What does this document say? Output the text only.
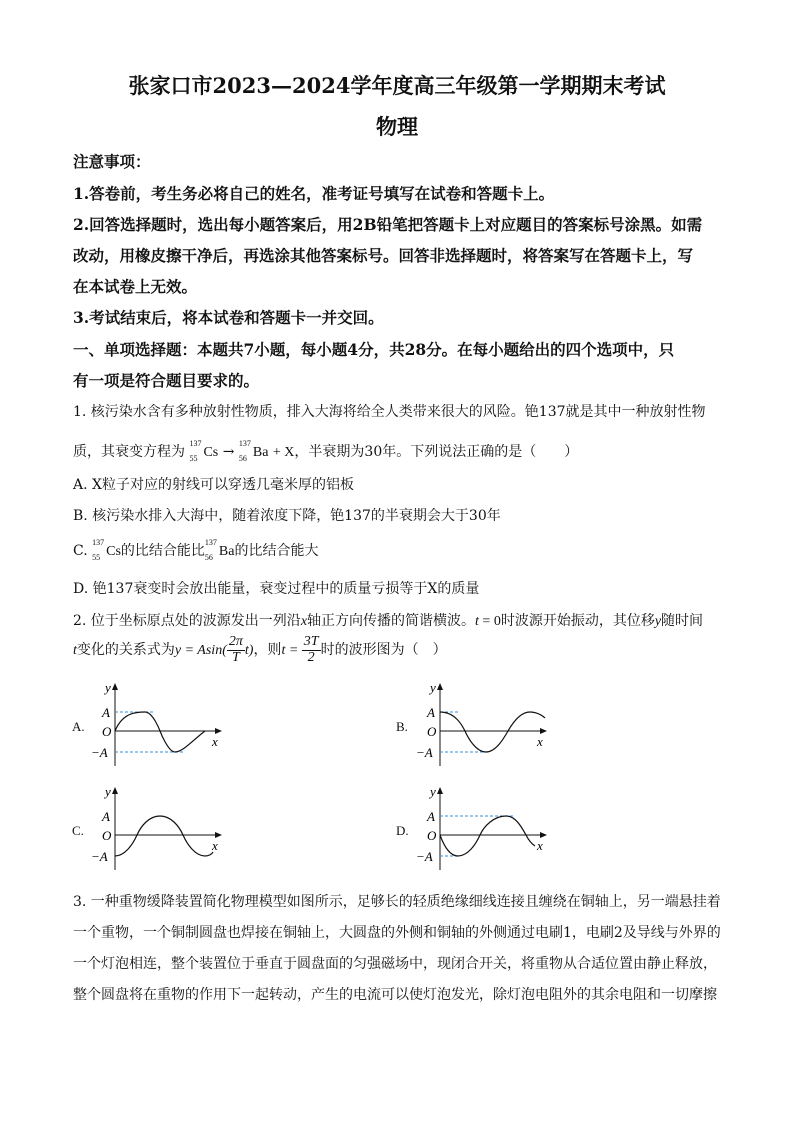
张家口市2023—2024学年度高三年级第一学期期末考试
物理
注意事项：
1.答卷前，考生务必将自己的姓名，准考证号填写在试卷和答题卡上。
2.回答选择题时，选出每小题答案后，用2B铅笔把答题卡上对应题目的答案标号涂黑。如需
改动，用橡皮擦干净后，再选涂其他答案标号。回答非选择题时，将答案写在答题卡上，写
在本试卷上无效。
3.考试结束后，将本试卷和答题卡一并交回。
一、单项选择题：本题共7小题，每小题4分，共28分。在每小题给出的四个选项中，只
有一项是符合题目要求的。
1. 核污染水含有多种放射性物质，排入大海将给全人类带来很大的风险。铯137就是其中一种放射性物
质，其衰变方程为
137
55 Cs →
137
56 Ba + X，半衰期为30年。下列说法正确的是（　　）
A. X粒子对应的射线可以穿透几毫米厚的铝板
B. 核污染水排入大海中，随着浓度下降，铯137的半衰期会大于30年
C.
137
55 Cs的比结合能比
137
56 Ba的比结合能大
D. 铯137衰变时会放出能量，衰变过程中的质量亏损等于X的质量
2. 位于坐标原点处的波源发出一列沿x轴正方向传播的简谐横波。t = 0时波源开始振动，其位移y随时间
t变化的关系式为$y = Asin( \frac{2\pi}{T} t)$，则$t = \frac{3T}{2}$ 时的波形图为（　）
A.
y
A
O
−A
x
B.
y
A
O
−A
x
C.
y
A
O
−A
x
D.
y
A
O
−A
x
3. 一种重物缓降装置简化物理模型如图所示，足够长的轻质绝缘细线连接且缠绕在铜轴上，另一端悬挂着
一个重物，一个铜制圆盘也焊接在铜轴上，大圆盘的外侧和铜轴的外侧通过电刷1，电刷2及导线与外界的
一个灯泡相连，整个装置位于垂直于圆盘面的匀强磁场中，现闭合开关，将重物从合适位置由静止释放，
整个圆盘将在重物的作用下一起转动，产生的电流可以使灯泡发光，除灯泡电阻外的其余电阻和一切摩擦
